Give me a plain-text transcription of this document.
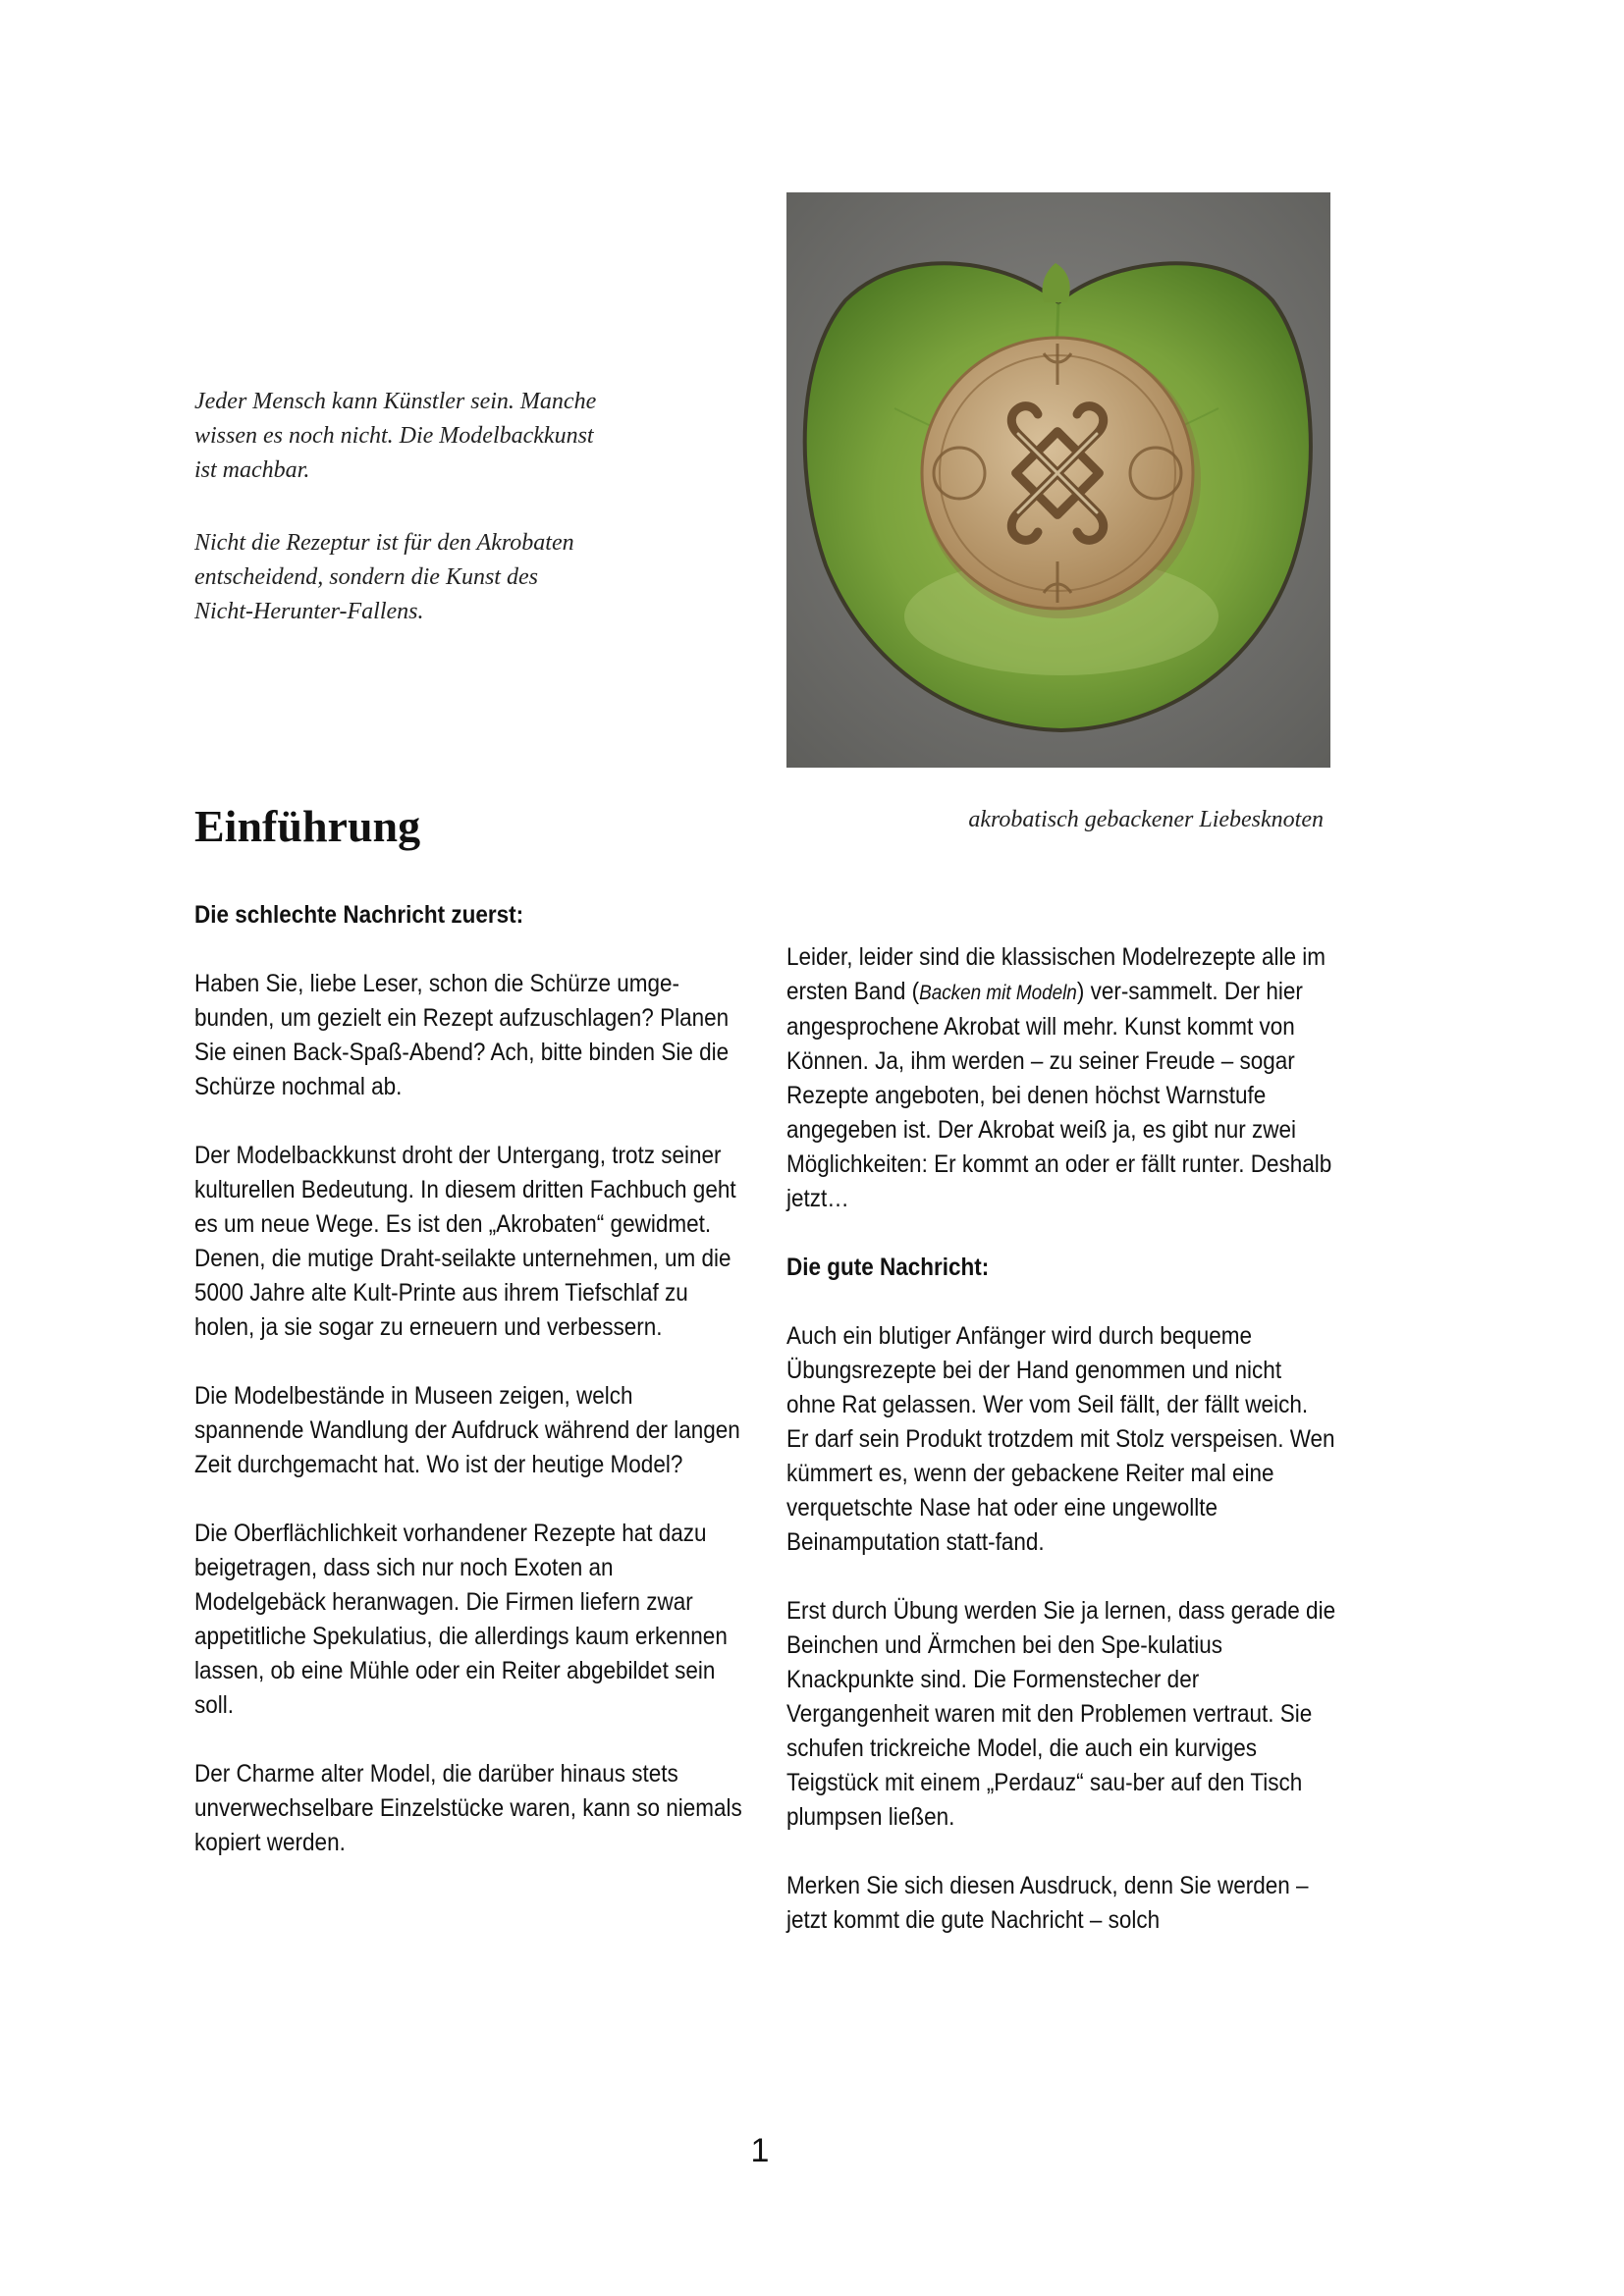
Jeder Mensch kann Künstler sein. Manche
wissen es noch nicht. Die Modelbackkunst
ist machbar.

Nicht die Rezeptur ist für den Akrobaten
entscheidend, sondern die Kunst des
Nicht-Herunter-Fallens.

akrobatisch gebackener Liebesknoten

Einführung

Die schlechte Nachricht zuerst:

Haben Sie, liebe Leser, schon die Schürze umge-bunden, um gezielt ein Rezept aufzuschlagen? Planen Sie einen Back-Spaß-Abend? Ach, bitte binden Sie die Schürze nochmal ab.

Der Modelbackkunst droht der Untergang, trotz seiner kulturellen Bedeutung. In diesem dritten Fachbuch geht es um neue Wege. Es ist den „Akrobaten“ gewidmet. Denen, die mutige Draht-seilakte unternehmen, um die 5000 Jahre alte Kult-Printe aus ihrem Tiefschlaf zu holen, ja sie sogar zu erneuern und verbessern.

Die Modelbestände in Museen zeigen, welch spannende Wandlung der Aufdruck während der langen Zeit durchgemacht hat. Wo ist der heutige Model?

Die Oberflächlichkeit vorhandener Rezepte hat dazu beigetragen, dass sich nur noch Exoten an Modelgebäck heranwagen. Die Firmen liefern zwar appetitliche Spekulatius, die allerdings kaum erkennen lassen, ob eine Mühle oder ein Reiter abgebildet sein soll.

Der Charme alter Model, die darüber hinaus stets unverwechselbare Einzelstücke waren, kann so niemals kopiert werden.

Leider, leider sind die klassischen Modelrezepte alle im ersten Band (Backen mit Modeln) ver-sammelt. Der hier angesprochene Akrobat will mehr. Kunst kommt von Können. Ja, ihm werden – zu seiner Freude – sogar Rezepte angeboten, bei denen höchst Warnstufe angegeben ist. Der Akrobat weiß ja, es gibt nur zwei Möglichkeiten: Er kommt an oder er fällt runter. Deshalb jetzt…

Die gute Nachricht:

Auch ein blutiger Anfänger wird durch bequeme Übungsrezepte bei der Hand genommen und nicht ohne Rat gelassen. Wer vom Seil fällt, der fällt weich. Er darf sein Produkt trotzdem mit Stolz verspeisen. Wen kümmert es, wenn der gebackene Reiter mal eine verquetschte Nase hat oder eine ungewollte Beinamputation statt-fand.

Erst durch Übung werden Sie ja lernen, dass gerade die Beinchen und Ärmchen bei den Spe-kulatius Knackpunkte sind. Die Formenstecher der Vergangenheit waren mit den Problemen vertraut. Sie schufen trickreiche Model, die auch ein kurviges Teigstück mit einem „Perdauz“ sau-ber auf den Tisch plumpsen ließen.

Merken Sie sich diesen Ausdruck, denn Sie werden – jetzt kommt die gute Nachricht – solch

1
